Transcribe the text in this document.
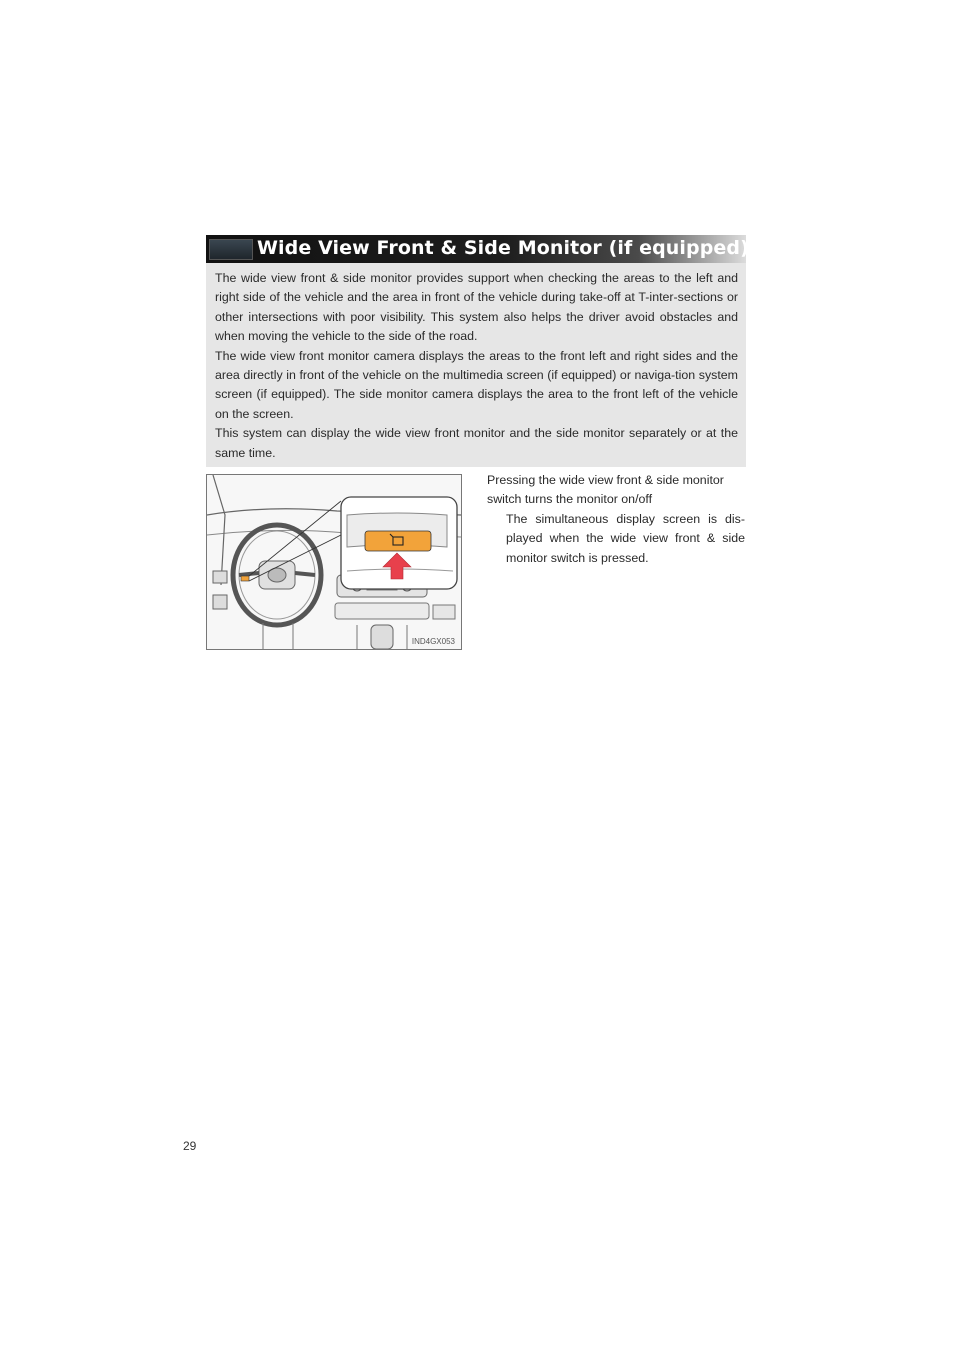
Wide View Front & Side Monitor (if equipped)

The wide view front & side monitor provides support when checking the areas to the left and right side of the vehicle and the area in front of the vehicle during take-off at T-inter-sections or other intersections with poor visibility. This system also helps the driver avoid obstacles and when moving the vehicle to the side of the road.

The wide view front monitor camera displays the areas to the front left and right sides and the area directly in front of the vehicle on the multimedia screen (if equipped) or naviga-tion system screen (if equipped). The side monitor camera displays the area to the front left of the vehicle on the screen.

This system can display the wide view front monitor and the side monitor separately or at the same time.

IND4GX053

Pressing the wide view front & side monitor switch turns the monitor on/off

The simultaneous display screen is dis-played when the wide view front & side monitor switch is pressed.

29
